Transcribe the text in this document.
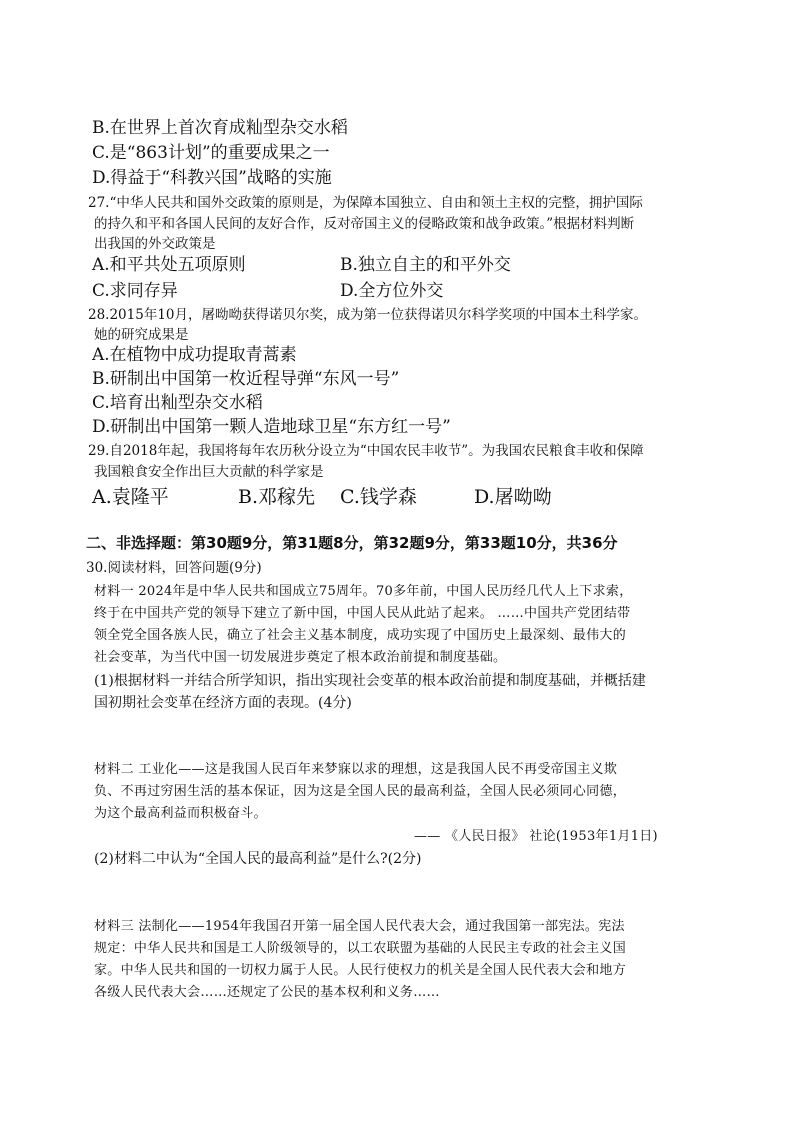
B.在世界上首次育成籼型杂交水稻
C.是“863计划”的重要成果之一
D.得益于“科教兴国”战略的实施
27.“中华人民共和国外交政策的原则是，为保障本国独立、自由和领土主权的完整，拥护国际
的持久和平和各国人民间的友好合作，反对帝国主义的侵略政策和战争政策。”根据材料判断
出我国的外交政策是
A.和平共处五项原则	B.独立自主的和平外交
C.求同存异	D.全方位外交
28.2015年10月，屠呦呦获得诺贝尔奖，成为第一位获得诺贝尔科学奖项的中国本土科学家。
她的研究成果是
A.在植物中成功提取青蒿素
B.研制出中国第一枚近程导弹“东风一号”
C.培育出籼型杂交水稻
D.研制出中国第一颗人造地球卫星“东方红一号”
29.自2018年起，我国将每年农历秋分设立为“中国农民丰收节”。为我国农民粮食丰收和保障
我国粮食安全作出巨大贡献的科学家是
A.袁隆平	B.邓稼先 C.钱学森	D.屠呦呦
二、非选择题：第30题9分，第31题8分，第32题9分，第33题10分，共36分
30.阅读材料，回答问题(9分)
材料一 2024年是中华人民共和国成立75周年。70多年前，中国人民历经几代人上下求索，
终于在中国共产党的领导下建立了新中国，中国人民从此站了起来。 ……中国共产党团结带
领全党全国各族人民，确立了社会主义基本制度，成功实现了中国历史上最深刻、最伟大的
社会变革，为当代中国一切发展进步奠定了根本政治前提和制度基础。
(1)根据材料一并结合所学知识，指出实现社会变革的根本政治前提和制度基础，并概括建
国初期社会变革在经济方面的表现。(4分)
材料二 工业化——这是我国人民百年来梦寐以求的理想，这是我国人民不再受帝国主义欺
负、不再过穷困生活的基本保证，因为这是全国人民的最高利益，全国人民必须同心同德，
为这个最高利益而积极奋斗。
—— 《人民日报》 社论(1953年1月1日)
(2)材料二中认为“全国人民的最高利益”是什么?(2分)
材料三 法制化——1954年我国召开第一届全国人民代表大会，通过我国第一部宪法。宪法
规定：中华人民共和国是工人阶级领导的，以工农联盟为基础的人民民主专政的社会主义国
家。中华人民共和国的一切权力属于人民。人民行使权力的机关是全国人民代表大会和地方
各级人民代表大会……还规定了公民的基本权利和义务……
